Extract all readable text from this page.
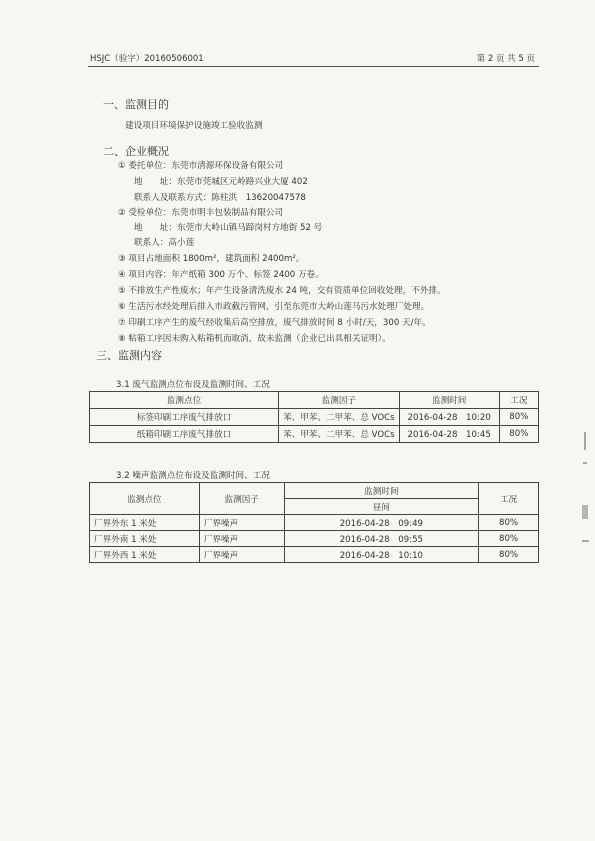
HSJC（验字）20160506001	第 2 页 共 5 页
一、监测目的
建设项目环境保护设施竣工验收监测
二、企业概况
① 委托单位：东莞市清源环保设备有限公司
地　　址：东莞市莞城区元岭路兴业大厦 402
联系人及联系方式：陈柱洪　13620047578
② 受检单位：东莞市明丰包装制品有限公司
地　　址：东莞市大岭山镇马蹄岗村方地街 52 号
联系人：高小莲
③ 项目占地面积 1800m²，建筑面积 2400m²。
④ 项目内容：年产纸箱 300 万个、标签 2400 万卷。
⑤ 不排放生产性废水；年产生设备清洗废水 24 吨，交有资质单位回收处理，不外排。
⑥ 生活污水经处理后排入市政截污管网，引至东莞市大岭山莲马污水处理厂处理。
⑦ 印刷工序产生的废气经收集后高空排放，废气排放时间 8 小时/天，300 天/年。
⑧ 粘箱工序因未购入粘箱机而取消，故未监测（企业已出具相关证明）。
三、监测内容
3.1 废气监测点位布设及监测时间、工况
监测点位	监测因子	监测时间	工况
标签印刷工序废气排放口	苯、甲苯、二甲苯、总 VOCs	2016-04-28　10:20	80%
纸箱印刷工序废气排放口	苯、甲苯、二甲苯、总 VOCs	2016-04-28　10:45	80%
3.2 噪声监测点位布设及监测时间、工况
监测点位	监测因子	监测时间	工况
		昼间	
厂界外东 1 米处	厂界噪声	2016-04-28　09:49	80%
厂界外南 1 米处	厂界噪声	2016-04-28　09:55	80%
厂界外西 1 米处	厂界噪声	2016-04-28　10:10	80%
